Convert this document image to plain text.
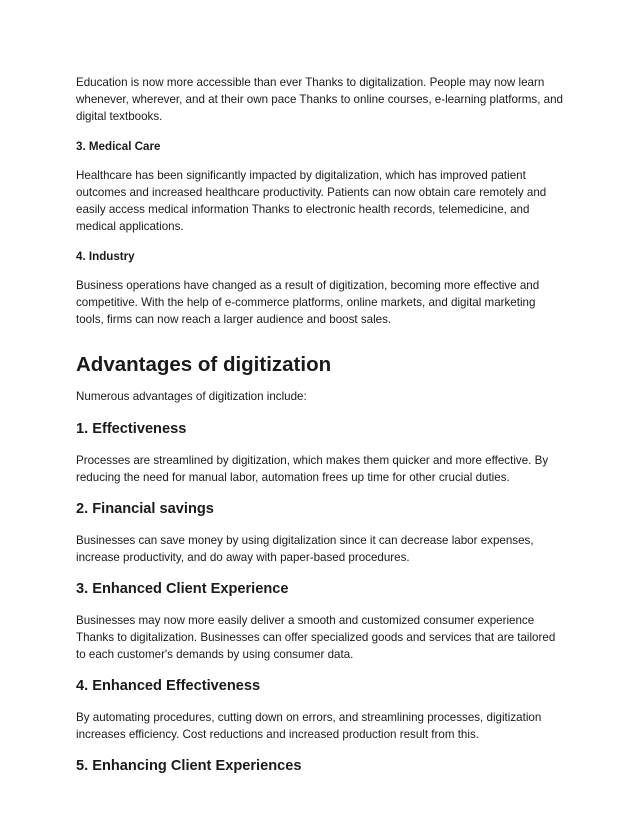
Education is now more accessible than ever Thanks to digitalization. People may now learn whenever, wherever, and at their own pace Thanks to online courses, e-learning platforms, and digital textbooks.

3. Medical Care

Healthcare has been significantly impacted by digitalization, which has improved patient outcomes and increased healthcare productivity. Patients can now obtain care remotely and easily access medical information Thanks to electronic health records, telemedicine, and medical applications.

4. Industry

Business operations have changed as a result of digitization, becoming more effective and competitive. With the help of e-commerce platforms, online markets, and digital marketing tools, firms can now reach a larger audience and boost sales.

Advantages of digitization

Numerous advantages of digitization include:

1. Effectiveness

Processes are streamlined by digitization, which makes them quicker and more effective. By reducing the need for manual labor, automation frees up time for other crucial duties.

2. Financial savings

Businesses can save money by using digitalization since it can decrease labor expenses, increase productivity, and do away with paper-based procedures.

3. Enhanced Client Experience

Businesses may now more easily deliver a smooth and customized consumer experience Thanks to digitalization. Businesses can offer specialized goods and services that are tailored to each customer's demands by using consumer data.

4. Enhanced Effectiveness

By automating procedures, cutting down on errors, and streamlining processes, digitization increases efficiency. Cost reductions and increased production result from this.

5. Enhancing Client Experiences
